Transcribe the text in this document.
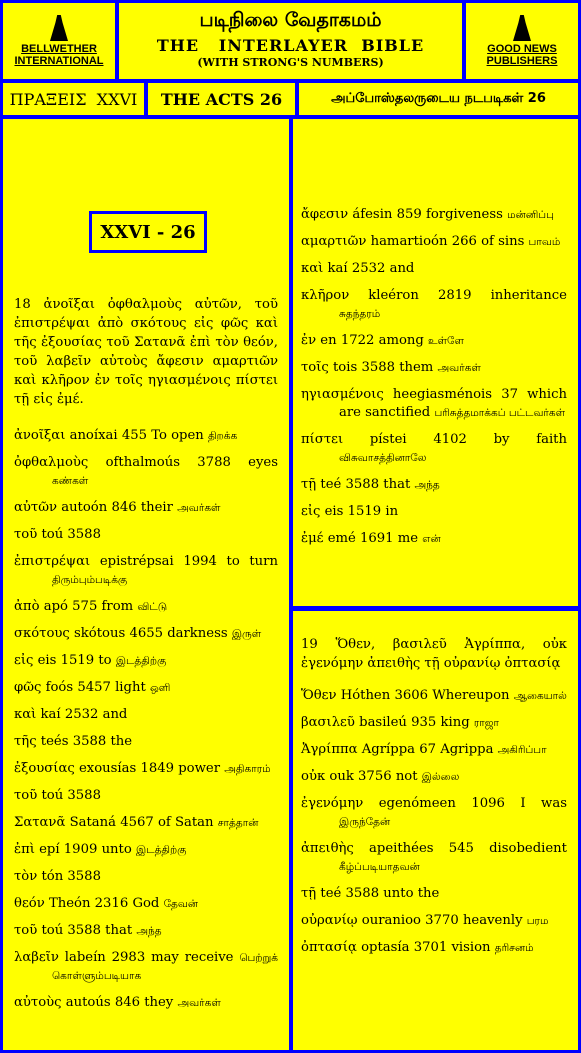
BELLWETHER INTERNATIONAL
படிநிலை வேதாகமம்
THE   INTERLAYER  BIBLE
(WITH STRONG'S NUMBERS)
GOOD NEWS PUBLISHERS
ΠΡΑΞΕΙΣ  XXVI THE ACTS 26	அப்போஸ்தலருடைய நடபடிகள் 26
XXVI - 26
18 ἀνοῖξαι ὀφθαλμοὺς αὐτῶν, τοῦ ἐπιστρέψαι ἀπὸ σκότους εἰς φῶς καὶ τῆς ἐξουσίας τοῦ Σατανᾶ ἐπὶ τὸν θεόν, τοῦ λαβεῖν αὐτοὺς ἄφεσιν αμαρτιῶν καὶ κλῆρον ἐν τοῖς ηγιασμένοις πίστει τῇ εἰς ἐμέ.
ἀνοῖξαι anoíxai 455 To open திறக்க
ὀφθαλμοὺς ofthalmoús 3788 eyes கண்கள்
αὐτῶν autoón 846 their அவர்கள்
τοῦ toú 3588
ἐπιστρέψαι epistrépsai 1994 to turn திரும்பும்படிக்கு
ἀπὸ apó 575 from விட்டு
σκότους skótous 4655 darkness இருள்
εἰς eis 1519 to இடத்திற்கு
φῶς foós 5457 light ஒளி
καὶ kaí 2532 and
τῆς teés 3588 the
ἐξουσίας exousías 1849 power அதிகாரம்
τοῦ toú 3588
Σατανᾶ Sataná 4567 of Satan சாத்தான்
ἐπὶ epí 1909 unto இடத்திற்கு
τὸν tón 3588
θεόν Theón 2316 God தேவன்
τοῦ toú 3588 that அந்த
λαβεῖν labeín 2983 may receive பெற்றுக் கொள்ளும்படியாக
αὐτοὺς autoús 846 they அவர்கள்
ἄφεσιν áfesin 859 forgiveness மன்னிப்பு
αμαρτιῶν hamartioón 266 of sins பாவம்
καὶ kaí 2532 and
κλῆρον kleéron 2819 inheritance சுதந்தரம்
ἐν en 1722 among உள்ளே
τοῖς tois 3588 them அவர்கள்
ηγιασμένοις heegiasménois 37 which are sanctified பரிசுத்தமாக்கப் பட்டவர்கள்
πίστει pístei 4102 by faith விசுவாசத்தினாலே
τῇ teé 3588 that அந்த
εἰς eis 1519 in
ἐμέ emé 1691 me என்
19 Ὅθεν, βασιλεῦ Ἀγρίππα, οὐκ ἐγενόμην ἀπειθὴς τῇ οὐρανίῳ ὀπτασίᾳ
Ὅθεν Hóthen 3606 Whereupon ஆகையால்
βασιλεῦ basileú 935 king ராஜா
Ἀγρίππα Agríppa 67 Agrippa அகிரிப்பா
οὐκ ouk 3756 not இல்லை
ἐγενόμην egenómeen 1096 I was இருந்தேன்
ἀπειθὴς apeithées 545 disobedient கீழ்ப்படியாதவன்
τῇ teé 3588 unto the
οὐρανίῳ ouranioo 3770 heavenly பரம
ὀπτασίᾳ optasía 3701 vision தரிசனம்
